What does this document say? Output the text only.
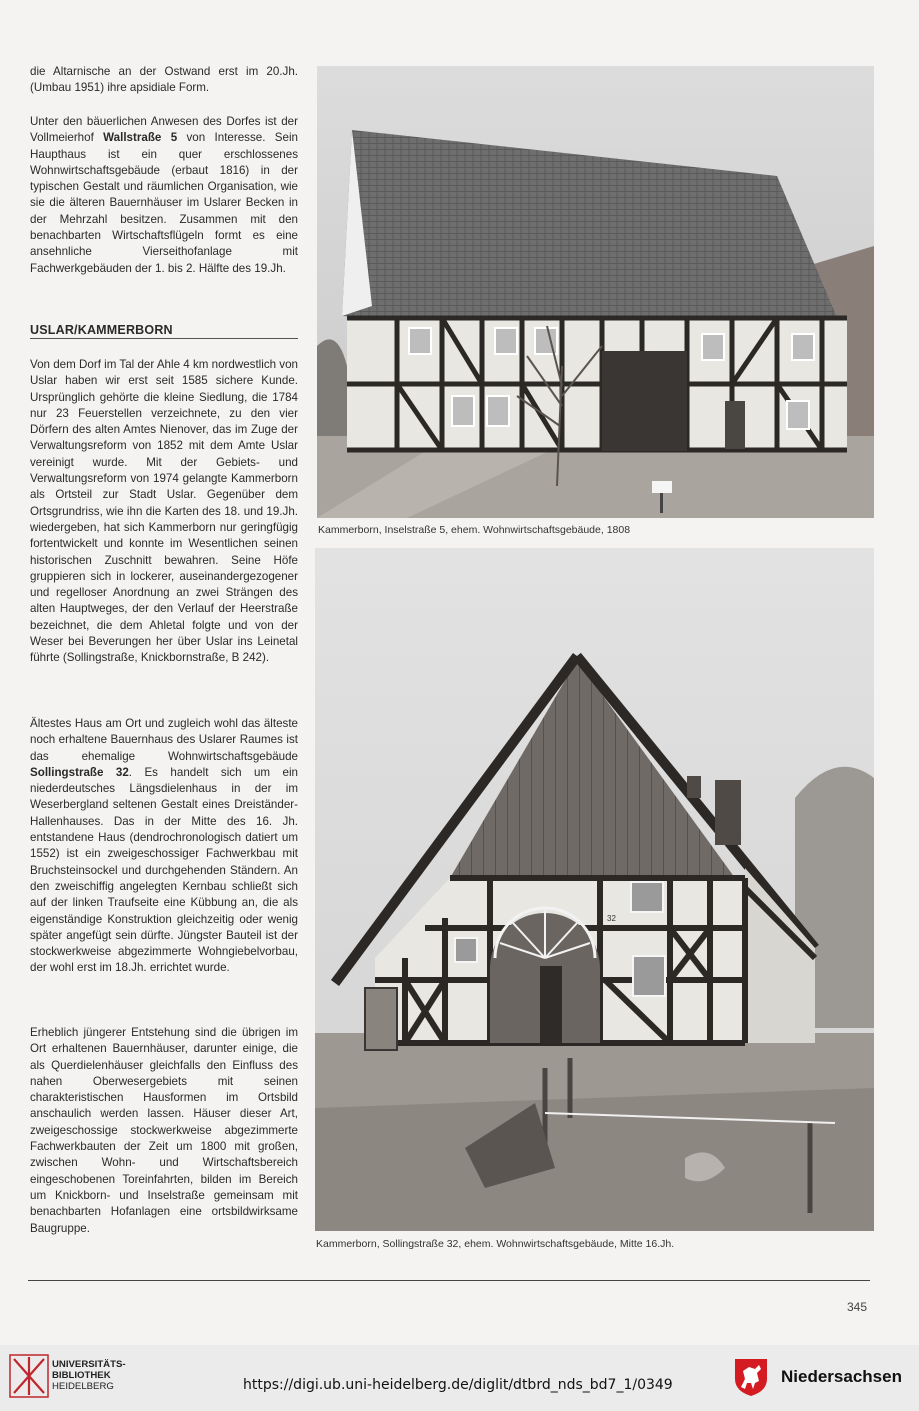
die Altarnische an der Ostwand erst im 20.Jh. (Umbau 1951) ihre apsidiale Form.

Unter den bäuerlichen Anwesen des Dorfes ist der Vollmeierhof Wallstraße 5 von Interesse. Sein Haupthaus ist ein quer erschlossenes Wohnwirtschaftsgebäude (erbaut 1816) in der typischen Gestalt und räumlichen Organisation, wie sie die älteren Bauernhäuser im Uslarer Becken in der Mehrzahl besitzen. Zusammen mit den benachbarten Wirtschaftsflügeln formt es eine ansehnliche Vierseithofanlage mit Fachwerkgebäuden der 1. bis 2. Hälfte des 19.Jh.

USLAR/KAMMERBORN

Von dem Dorf im Tal der Ahle 4 km nordwestlich von Uslar haben wir erst seit 1585 sichere Kunde. Ursprünglich gehörte die kleine Siedlung, die 1784 nur 23 Feuerstellen verzeichnete, zu den vier Dörfern des alten Amtes Nienover, das im Zuge der Verwaltungsreform von 1852 mit dem Amte Uslar vereinigt wurde. Mit der Gebiets- und Verwaltungsreform von 1974 gelangte Kammerborn als Ortsteil zur Stadt Uslar. Gegenüber dem Ortsgrundriss, wie ihn die Karten des 18. und 19.Jh. wiedergeben, hat sich Kammerborn nur geringfügig fortentwickelt und konnte im Wesentlichen seinen historischen Zuschnitt bewahren. Seine Höfe gruppieren sich in lockerer, auseinandergezogener und regelloser Anordnung an zwei Strängen des alten Hauptweges, der den Verlauf der Heerstraße bezeichnet, die dem Ahletal folgte und von der Weser bei Beverungen her über Uslar ins Leinetal führte (Sollingstraße, Knickbornstraße, B 242).

Ältestes Haus am Ort und zugleich wohl das älteste noch erhaltene Bauernhaus des Uslarer Raumes ist das ehemalige Wohnwirtschaftsgebäude Sollingstraße 32. Es handelt sich um ein niederdeutsches Längsdielenhaus in der im Weserbergland seltenen Gestalt eines Dreiständer-Hallenhauses. Das in der Mitte des 16. Jh. entstandene Haus (dendrochronologisch datiert um 1552) ist ein zweigeschossiger Fachwerkbau mit Bruchsteinsockel und durchgehenden Ständern. An den zweischiffig angelegten Kernbau schließt sich auf der linken Traufseite eine Kübbung an, die als eigenständige Konstruktion gleichzeitig oder wenig später angefügt sein dürfte. Jüngster Bauteil ist der stockwerkweise abgezimmerte Wohngiebelvorbau, der wohl erst im 18.Jh. errichtet wurde.

Erheblich jüngerer Entstehung sind die übrigen im Ort erhaltenen Bauernhäuser, darunter einige, die als Querdielenhäuser gleichfalls den Einfluss des nahen Oberwesergebiets mit seinen charakteristischen Hausformen im Ortsbild anschaulich werden lassen. Häuser dieser Art, zweigeschossige stockwerkweise abgezimmerte Fachwerkbauten der Zeit um 1800 mit großen, zwischen Wohn- und Wirtschaftsbereich eingeschobenen Toreinfahrten, bilden im Bereich um Knickborn- und Inselstraße gemeinsam mit benachbarten Hofanlagen eine ortsbildwirksame Baugruppe.

Kammerborn, Inselstraße 5, ehem. Wohnwirtschaftsgebäude, 1808
32
Kammerborn, Sollingstraße 32, ehem. Wohnwirtschaftsgebäude, Mitte 16.Jh.
345
UNIVERSITÄTS-
BIBLIOTHEK
HEIDELBERG	https://digi.ub.uni-heidelberg.de/diglit/dtbrd_nds_bd7_1/0349	Niedersachsen
